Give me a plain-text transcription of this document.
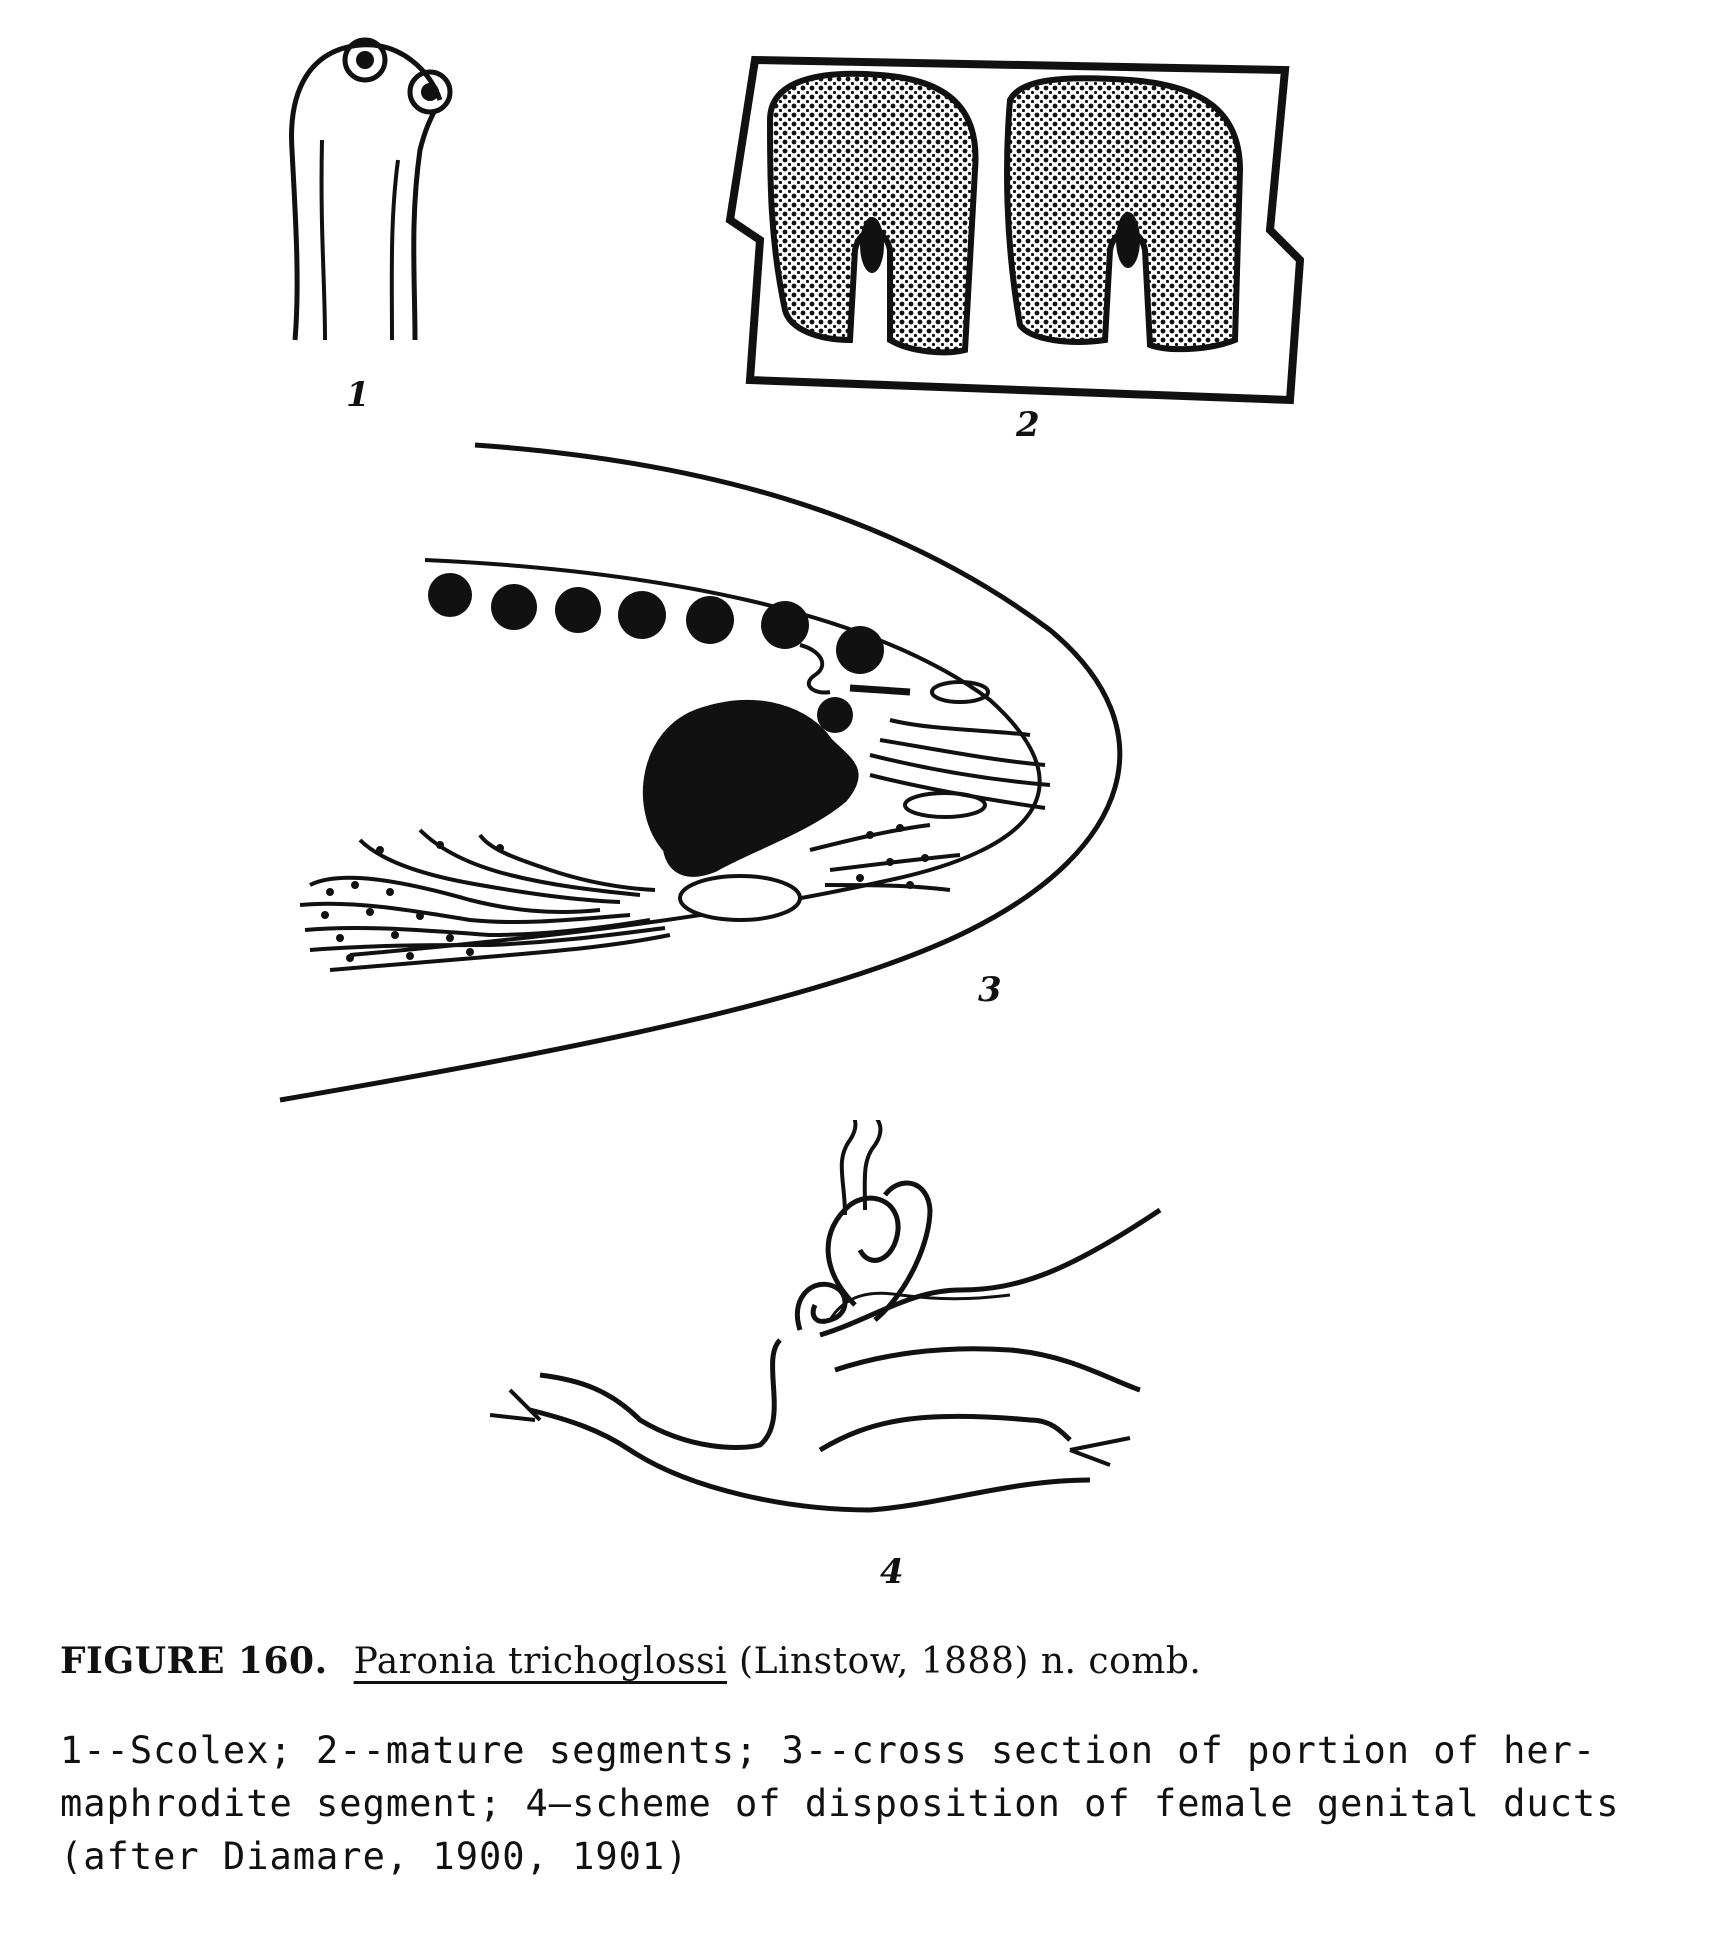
1
2
3
4
FIGURE 160. Paronia trichoglossi (Linstow, 1888) n. comb.
1--Scolex; 2--mature segments; 3--cross section of portion of her-
maphrodite segment; 4—scheme of disposition of female genital ducts
(after Diamare, 1900, 1901)
